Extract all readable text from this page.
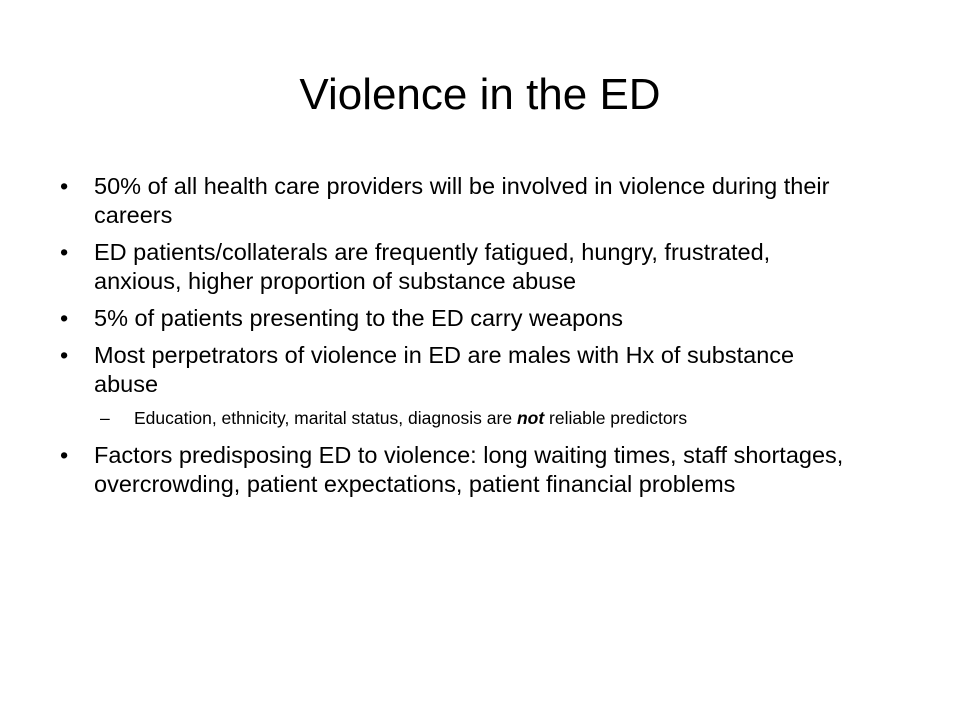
Violence in the ED
•	50% of all health care providers will be involved in violence during their careers
•	ED patients/collaterals are frequently fatigued, hungry, frustrated, anxious, higher proportion of substance abuse
•	5% of patients presenting to the ED carry weapons
•	Most perpetrators of violence in ED are males with Hx of substance abuse
–	Education, ethnicity, marital status, diagnosis are not reliable predictors
•	Factors predisposing ED to violence: long waiting times, staff shortages, overcrowding, patient expectations, patient financial problems
